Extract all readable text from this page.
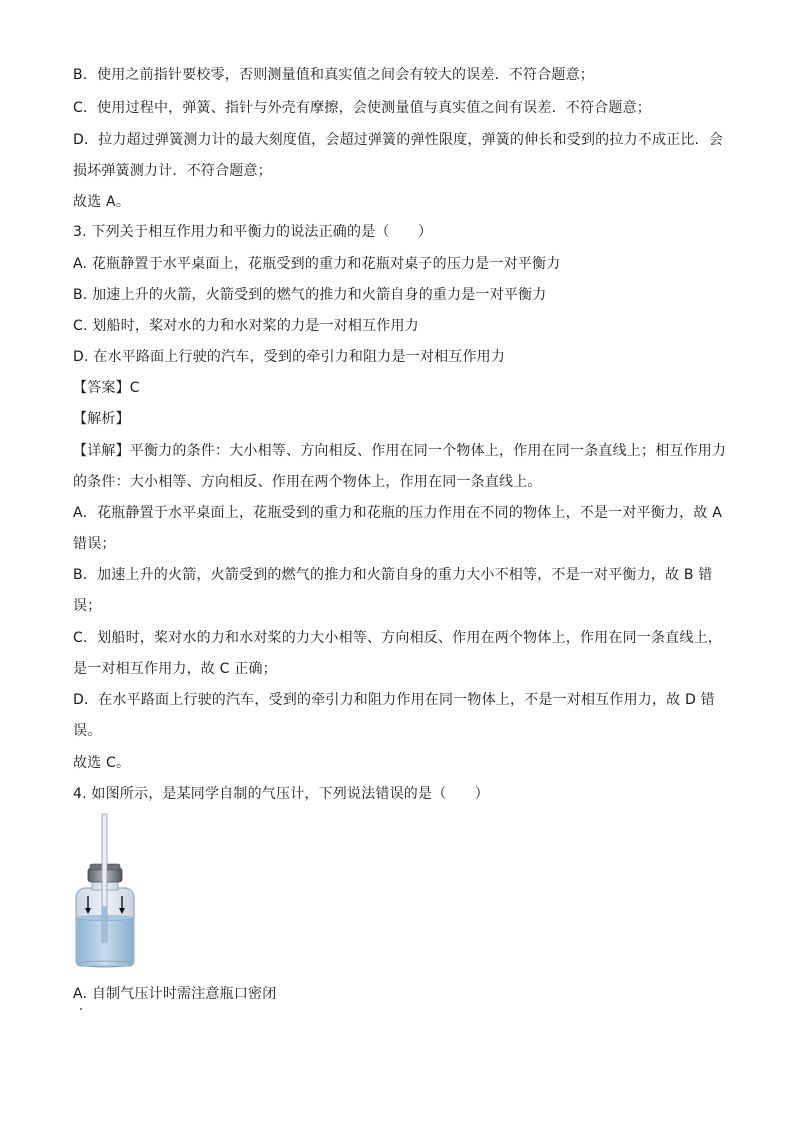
B．使用之前指针要校零，否则测量值和真实值之间会有较大的误差．不符合题意；
C．使用过程中，弹簧、指针与外壳有摩擦，会使测量值与真实值之间有误差．不符合题意；
D．拉力超过弹簧测力计的最大刻度值，会超过弹簧的弹性限度，弹簧的伸长和受到的拉力不成正比．会
损坏弹簧测力计．不符合题意；
故选 A。
3. 下列关于相互作用力和平衡力的说法正确的是（　　）
A. 花瓶静置于水平桌面上，花瓶受到的重力和花瓶对桌子的压力是一对平衡力
B. 加速上升的火箭，火箭受到的燃气的推力和火箭自身的重力是一对平衡力
C. 划船时，桨对水的力和水对桨的力是一对相互作用力
D. 在水平路面上行驶的汽车，受到的牵引力和阻力是一对相互作用力
【答案】C
【解析】
【详解】平衡力的条件：大小相等、方向相反、作用在同一个物体上，作用在同一条直线上；相互作用力
的条件：大小相等、方向相反、作用在两个物体上，作用在同一条直线上。
A．花瓶静置于水平桌面上，花瓶受到的重力和花瓶的压力作用在不同的物体上，不是一对平衡力，故 A
错误；
B．加速上升的火箭，火箭受到的燃气的推力和火箭自身的重力大小不相等，不是一对平衡力，故 B 错
误；
C．划船时，桨对水的力和水对桨的力大小相等、方向相反、作用在两个物体上，作用在同一条直线上，
是一对相互作用力，故 C 正确；
D．在水平路面上行驶的汽车，受到的牵引力和阻力作用在同一物体上，不是一对相互作用力，故 D 错
误。
故选 C。
4. 如图所示，是某同学自制的气压计，下列说法错误的是（　　）
A. 自制气压计时需注意瓶口密闭
